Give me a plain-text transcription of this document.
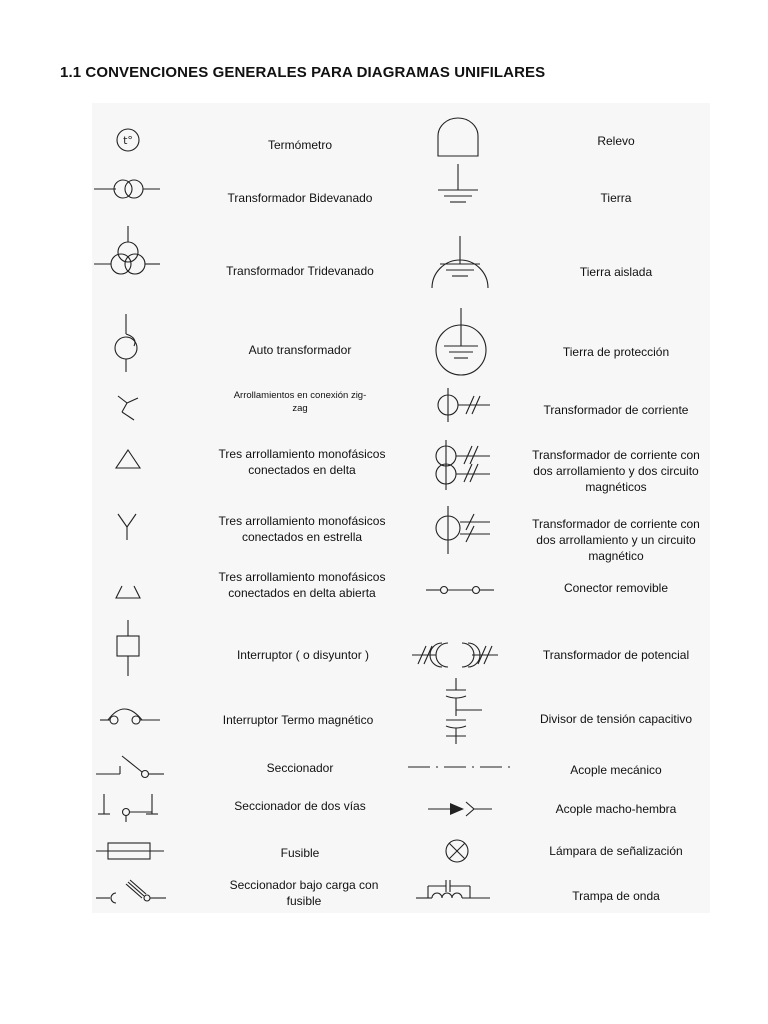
1.1 CONVENCIONES GENERALES PARA DIAGRAMAS UNIFILARES
t°	Termómetro
Transformador Bidevanado
Transformador Tridevanado
Auto transformador
Arrollamientos en conexión zig-zag
Tres arrollamiento monofásicos conectados en delta
Tres arrollamiento monofásicos conectados en estrella
Tres arrollamiento monofásicos conectados en delta abierta
Interruptor ( o disyuntor )
Interruptor Termo magnético
Seccionador
Seccionador de dos vías
Fusible
Seccionador bajo carga con fusible
Relevo
Tierra
Tierra aislada
Tierra de protección
Transformador de corriente
Transformador de corriente con dos arrollamiento y dos circuito magnéticos
Transformador de corriente con dos arrollamiento y un circuito magnético
Conector removible
Transformador de potencial
Divisor de tensión capacitivo
Acople mecánico
Acople macho-hembra
Lámpara de señalización
Trampa de onda
